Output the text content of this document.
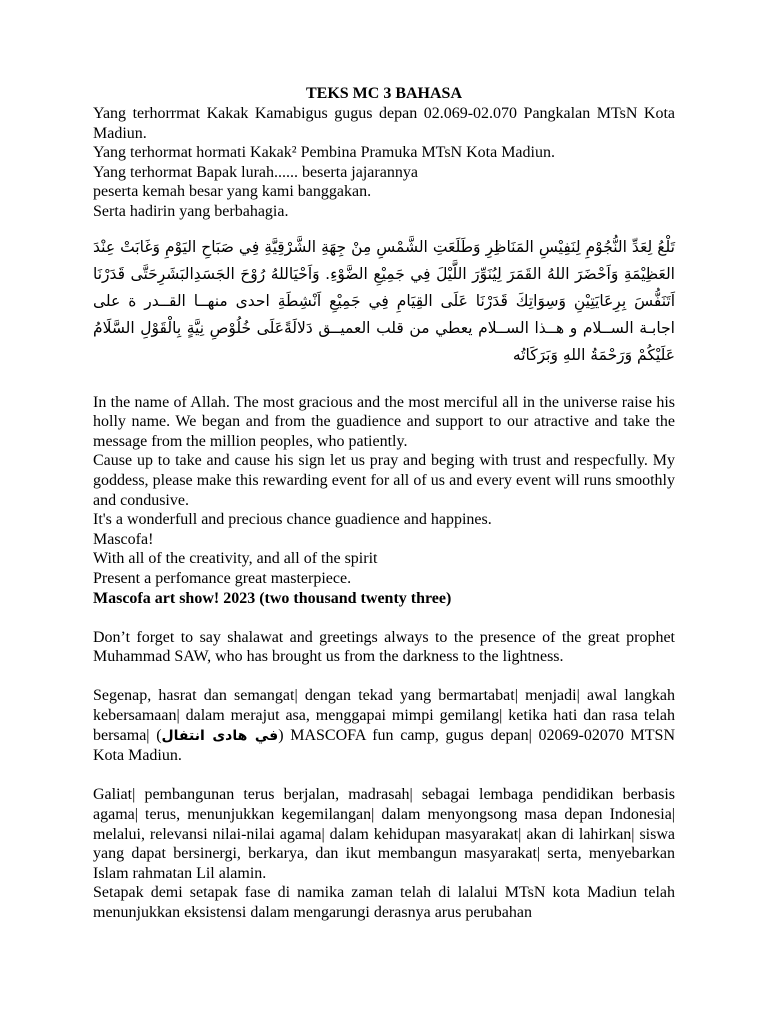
TEKS MC 3 BAHASA

Yang terhorrmat Kakak Kamabigus gugus depan 02.069-02.070 Pangkalan MTsN Kota Madiun.

Yang terhormat hormati Kakak² Pembina Pramuka MTsN Kota Madiun.

Yang terhormat Bapak lurah...... beserta jajarannya

peserta kemah besar yang kami banggakan.

Serta hadirin yang berbahagia.

تَلْعُ لِعَدِّ النُّجُوْمِ لِنَفِيْسِ المَنَاظِرِ وَطَلَعَتِ الشَّمْسِ مِنْ جِهَةِ الشَّرْقِيَّةِ فِي صَبَاحِ اليَوْمِ وَغَابَتْ عِنْدَ العَظِيْمَةِ وَاَحْضَرَ اللهُ القَمَرَ لِيُنَوِّرَ اللَّيْلَ فِي جَمِيْعِ الضَّوْءِ. وَاَحْيَاللهُ رُوْحَ الجَسَدِالبَشَرِحَتَّى قَدَرْنَا اَتَنَفُّسَ بِرِعَايَتِيْنِ وَسِوَاتِكَ قَدَرْنَا عَلَى القِيَامِ فِي جَمِيْعِ اَنْشِطَةِ احدى منهــا القــدر ة على اجابـة الســلام و هــذا الســلام يعطي من قلب العميــق دَلالَةًعَلَى خُلُوْصِ نِيَّةٍ بِالْقَوْلِ السَّلَامُ عَلَيْكُمْ وَرَحْمَةُ اللهِ وَبَرَكَاتُه

In the name of Allah. The most gracious and the most merciful all in the universe raise his holly name. We began and from the guadience and support to our atractive and take the message from the million peoples, who patiently.

Cause up to take and cause his sign let us pray and beging with trust and respecfully. My goddess, please make this rewarding event for all of us and every event will runs smoothly and condusive.

It's a wonderfull and precious chance guadience and happines.

Mascofa!

With all of the creativity, and all of the spirit

Present a perfomance great masterpiece.

Mascofa art show! 2023 (two thousand twenty three)

Don’t forget to say shalawat and greetings always to the presence of the great prophet Muhammad SAW, who has brought us from the darkness to the lightness.

Segenap, hasrat dan semangat| dengan tekad yang bermartabat| menjadi| awal langkah kebersamaan| dalam merajut asa, menggapai mimpi gemilang| ketika hati dan rasa telah bersama| (في هادى انتفال) MASCOFA fun camp, gugus depan| 02069-02070 MTSN Kota Madiun.

Galiat| pembangunan terus berjalan, madrasah| sebagai lembaga pendidikan berbasis agama| terus, menunjukkan kegemilangan| dalam menyongsong masa depan Indonesia| melalui, relevansi nilai-nilai agama| dalam kehidupan masyarakat| akan di lahirkan| siswa yang dapat bersinergi, berkarya, dan ikut membangun masyarakat| serta, menyebarkan Islam rahmatan Lil alamin.

Setapak demi setapak fase di namika zaman telah di lalalui MTsN kota Madiun telah menunjukkan eksistensi dalam mengarungi derasnya arus perubahan
